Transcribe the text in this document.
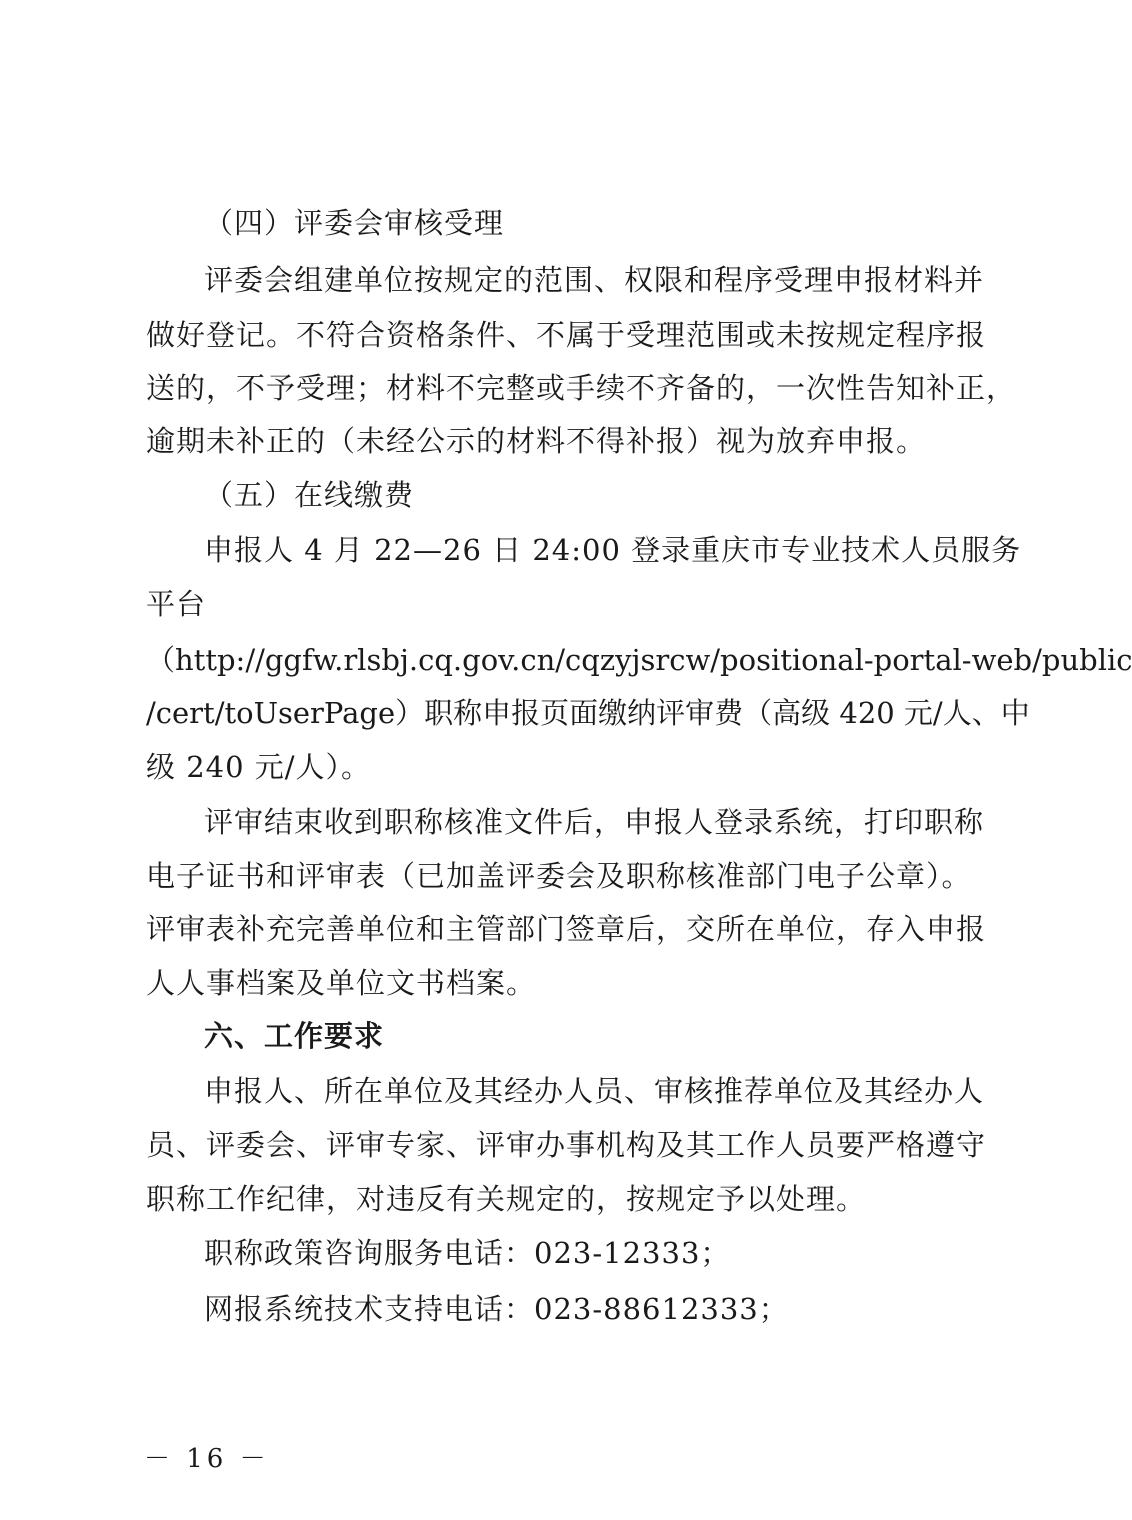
（四）评委会审核受理
评委会组建单位按规定的范围、权限和程序受理申报材料并
做好登记。不符合资格条件、不属于受理范围或未按规定程序报
送的，不予受理；材料不完整或手续不齐备的，一次性告知补正，
逾期未补正的（未经公示的材料不得补报）视为放弃申报。
（五）在线缴费
申报人 4 月 22—26 日 24:00 登录重庆市专业技术人员服务
平台
（http://ggfw.rlsbj.cq.gov.cn/cqzyjsrcw/positional-portal-web/public
/cert/toUserPage）职称申报页面缴纳评审费（高级 420 元/人、中
级 240 元/人）。
评审结束收到职称核准文件后，申报人登录系统，打印职称
电子证书和评审表（已加盖评委会及职称核准部门电子公章）。
评审表补充完善单位和主管部门签章后，交所在单位，存入申报
人人事档案及单位文书档案。
六、工作要求
申报人、所在单位及其经办人员、审核推荐单位及其经办人
员、评委会、评审专家、评审办事机构及其工作人员要严格遵守
职称工作纪律，对违反有关规定的，按规定予以处理。
职称政策咨询服务电话：023-12333；
网报系统技术支持电话：023-88612333；
－ 16 －
